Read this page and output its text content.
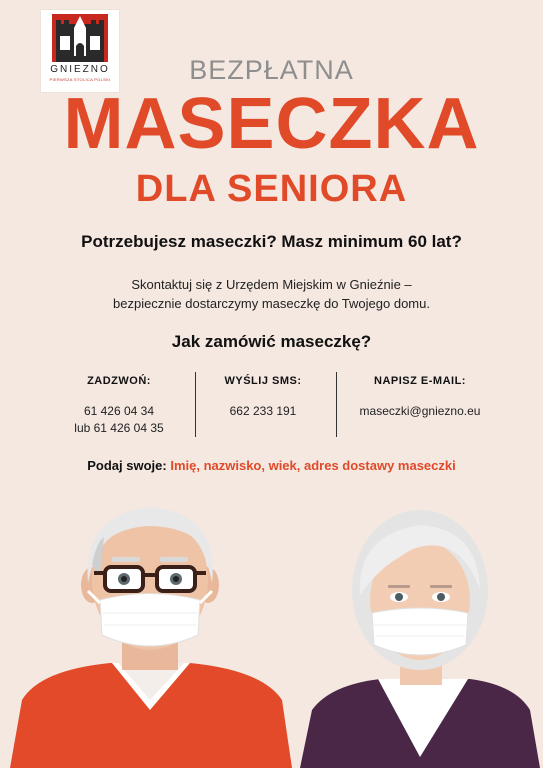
GNIEZNO
PIERWSZA STOLICA POLSKI	BEZPŁATNA
MASECZKA
DLA SENIORA
Potrzebujesz maseczki? Masz minimum 60 lat?
Skontaktuj się z Urzędem Miejskim w Gnieźnie –
bezpiecznie dostarczymy maseczkę do Twojego domu.
Jak zamówić maseczkę?
ZADZWOŃ:
61 426 04 34
lub 61 426 04 35
WYŚLIJ SMS:
662 233 191
NAPISZ E-MAIL:
maseczki@gniezno.eu
Podaj swoje: Imię, nazwisko, wiek, adres dostawy maseczki
